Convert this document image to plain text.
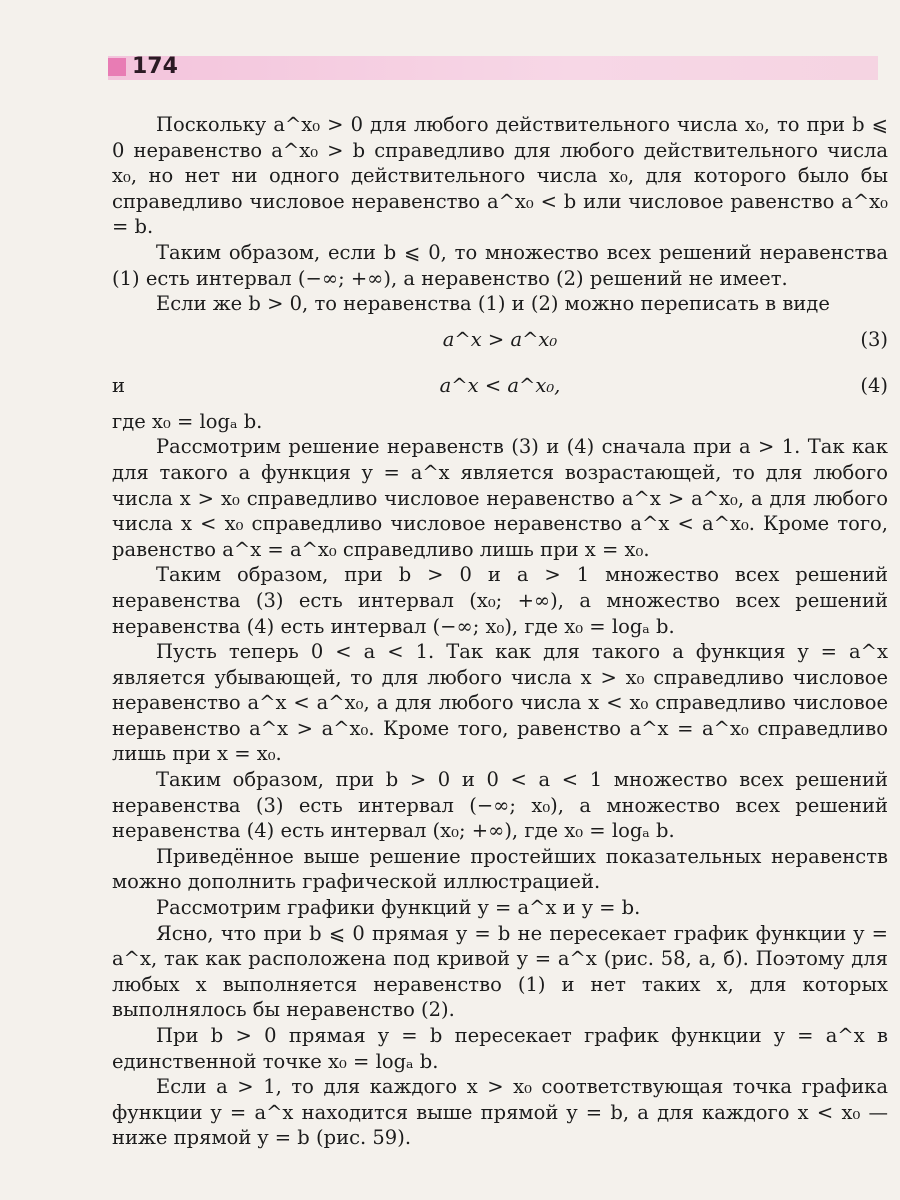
174

Поскольку a^x₀ > 0 для любого действительного числа x₀, то при b ⩽ 0 неравенство a^x₀ > b справедливо для любого действительного числа x₀, но нет ни одного действительного числа x₀, для которого было бы справедливо числовое неравенство a^x₀ < b или числовое равенство a^x₀ = b.

Таким образом, если b ⩽ 0, то множество всех решений неравенства (1) есть интервал (−∞; +∞), а неравенство (2) решений не имеет.

Если же b > 0, то неравенства (1) и (2) можно переписать в виде

a^x > a^x₀	(3)
и	a^x < a^x₀,	(4)

где x₀ = logₐ b.

Рассмотрим решение неравенств (3) и (4) сначала при a > 1. Так как для такого a функция y = a^x является возрастающей, то для любого числа x > x₀ справедливо числовое неравенство a^x > a^x₀, а для любого числа x < x₀ справедливо числовое неравенство a^x < a^x₀. Кроме того, равенство a^x = a^x₀ справедливо лишь при x = x₀.

Таким образом, при b > 0 и a > 1 множество всех решений неравенства (3) есть интервал (x₀; +∞), а множество всех решений неравенства (4) есть интервал (−∞; x₀), где x₀ = logₐ b.

Пусть теперь 0 < a < 1. Так как для такого a функция y = a^x является убывающей, то для любого числа x > x₀ справедливо числовое неравенство a^x < a^x₀, а для любого числа x < x₀ справедливо числовое неравенство a^x > a^x₀. Кроме того, равенство a^x = a^x₀ справедливо лишь при x = x₀.

Таким образом, при b > 0 и 0 < a < 1 множество всех решений неравенства (3) есть интервал (−∞; x₀), а множество всех решений неравенства (4) есть интервал (x₀; +∞), где x₀ = logₐ b.

Приведённое выше решение простейших показательных неравенств можно дополнить графической иллюстрацией.

Рассмотрим графики функций y = a^x и y = b.

Ясно, что при b ⩽ 0 прямая y = b не пересекает график функции y = a^x, так как расположена под кривой y = a^x (рис. 58, а, б). Поэтому для любых x выполняется неравенство (1) и нет таких x, для которых выполнялось бы неравенство (2).

При b > 0 прямая y = b пересекает график функции y = a^x в единственной точке x₀ = logₐ b.

Если a > 1, то для каждого x > x₀ соответствующая точка графика функции y = a^x находится выше прямой y = b, а для каждого x < x₀ — ниже прямой y = b (рис. 59).
